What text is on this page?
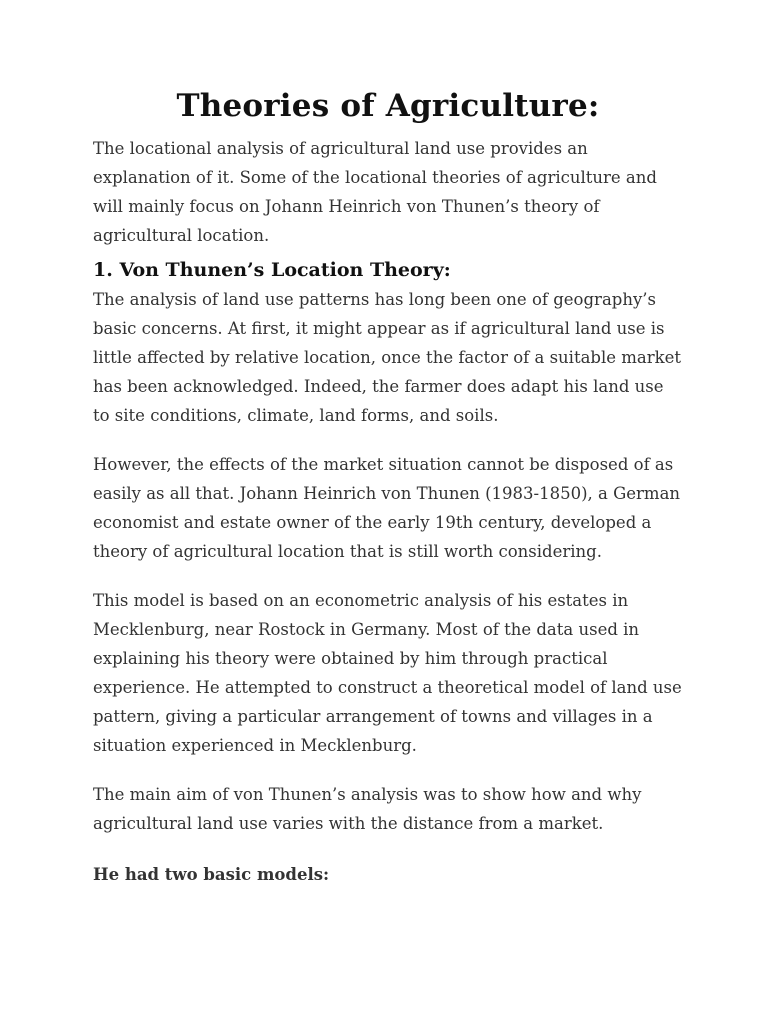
Theories of Agriculture:

The locational analysis of agricultural land use provides an explanation of it. Some of the locational theories of agriculture and will mainly focus on Johann Heinrich von Thunen’s theory of agricultural location.

1. Von Thunen’s Location Theory:

The analysis of land use patterns has long been one of geography’s basic concerns. At first, it might appear as if agricultural land use is little affected by relative location, once the factor of a suitable market has been acknowledged. Indeed, the farmer does adapt his land use to site conditions, climate, land forms, and soils.

However, the effects of the market situation cannot be disposed of as easily as all that. Johann Heinrich von Thunen (1983-1850), a German economist and estate owner of the early 19th century, developed a theory of agricultural location that is still worth considering.

This model is based on an econometric analysis of his estates in Mecklenburg, near Rostock in Germany. Most of the data used in explaining his theory were obtained by him through practical experience. He attempted to construct a theoretical model of land use pattern, giving a particular arrangement of towns and villages in a situation experienced in Mecklenburg.

The main aim of von Thunen’s analysis was to show how and why agricultural land use varies with the distance from a market.

He had two basic models:
